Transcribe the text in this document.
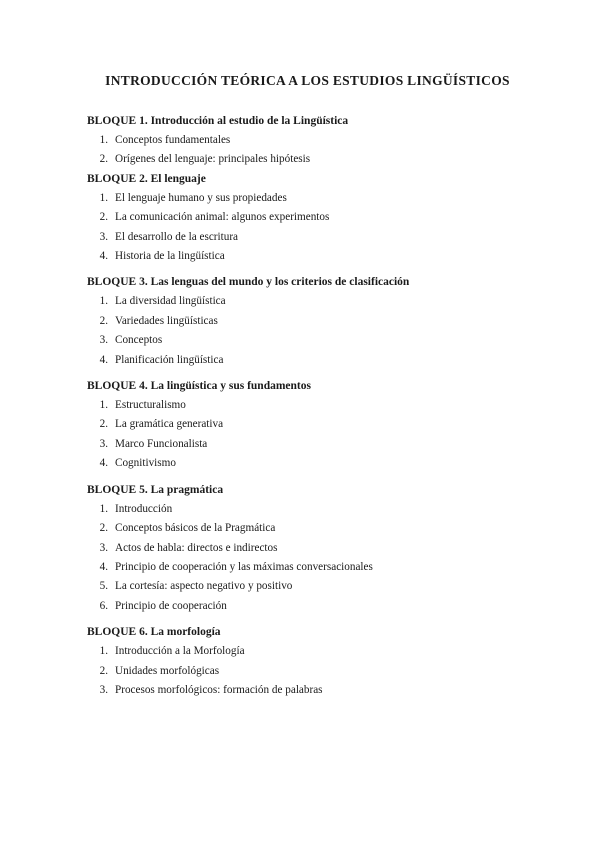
INTRODUCCIÓN TEÓRICA A LOS ESTUDIOS LINGÜÍSTICOS
BLOQUE 1. Introducción al estudio de la Lingüística
1. Conceptos fundamentales
2. Orígenes del lenguaje: principales hipótesis
BLOQUE 2. El lenguaje
1. El lenguaje humano y sus propiedades
2. La comunicación animal: algunos experimentos
3. El desarrollo de la escritura
4. Historia de la lingüística
BLOQUE 3. Las lenguas del mundo y los criterios de clasificación
1. La diversidad lingüística
2. Variedades lingüísticas
3. Conceptos
4. Planificación lingüística
BLOQUE 4. La lingüística y sus fundamentos
1. Estructuralismo
2. La gramática generativa
3. Marco Funcionalista
4. Cognitivismo
BLOQUE 5. La pragmática
1. Introducción
2. Conceptos básicos de la Pragmática
3. Actos de habla: directos e indirectos
4. Principio de cooperación y las máximas conversacionales
5. La cortesía: aspecto negativo y positivo
6. Principio de cooperación
BLOQUE 6. La morfología
1. Introducción a la Morfología
2. Unidades morfológicas
3. Procesos morfológicos: formación de palabras
